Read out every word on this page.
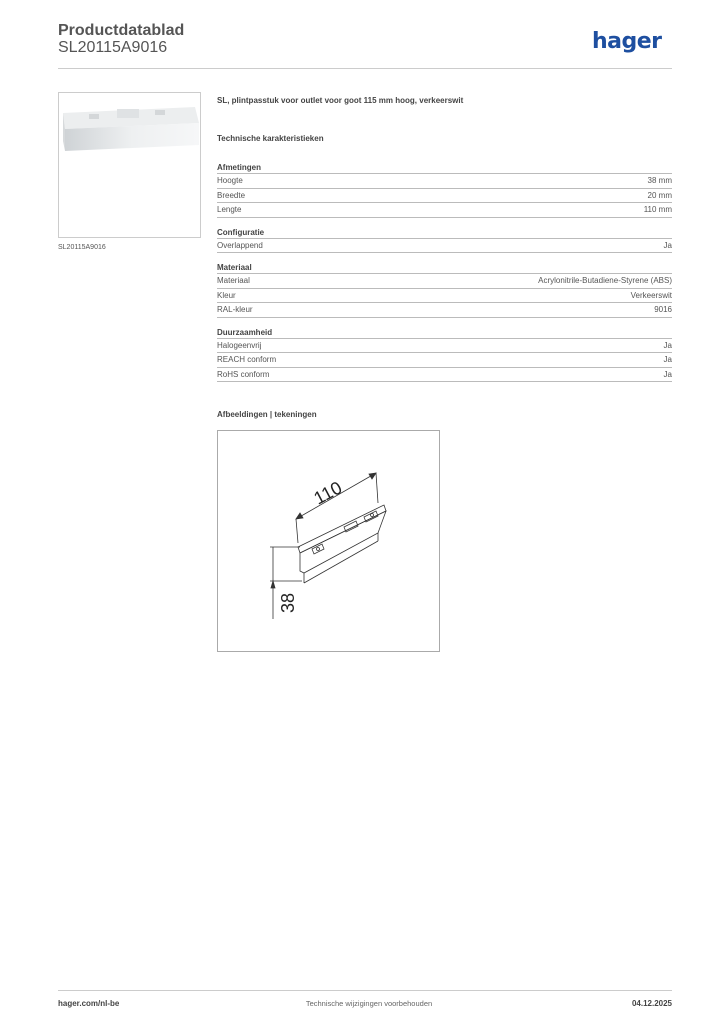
Productdatablad
SL20115A9016	hager
SL20115A9016
SL, plintpasstuk voor outlet voor goot 115 mm hoog, verkeerswit
Technische karakteristieken
Afmetingen
Hoogte	38 mm
Breedte	20 mm
Lengte	110 mm
Configuratie
Overlappend	Ja
Materiaal
Materiaal	Acrylonitrile-Butadiene-Styrene (ABS)
Kleur	Verkeerswit
RAL-kleur	9016
Duurzaamheid
Halogeenvrij	Ja
REACH conform	Ja
RoHS conform	Ja
Afbeeldingen | tekeningen
110
38
hager.com/nl-be	Technische wijzigingen voorbehouden	04.12.2025
